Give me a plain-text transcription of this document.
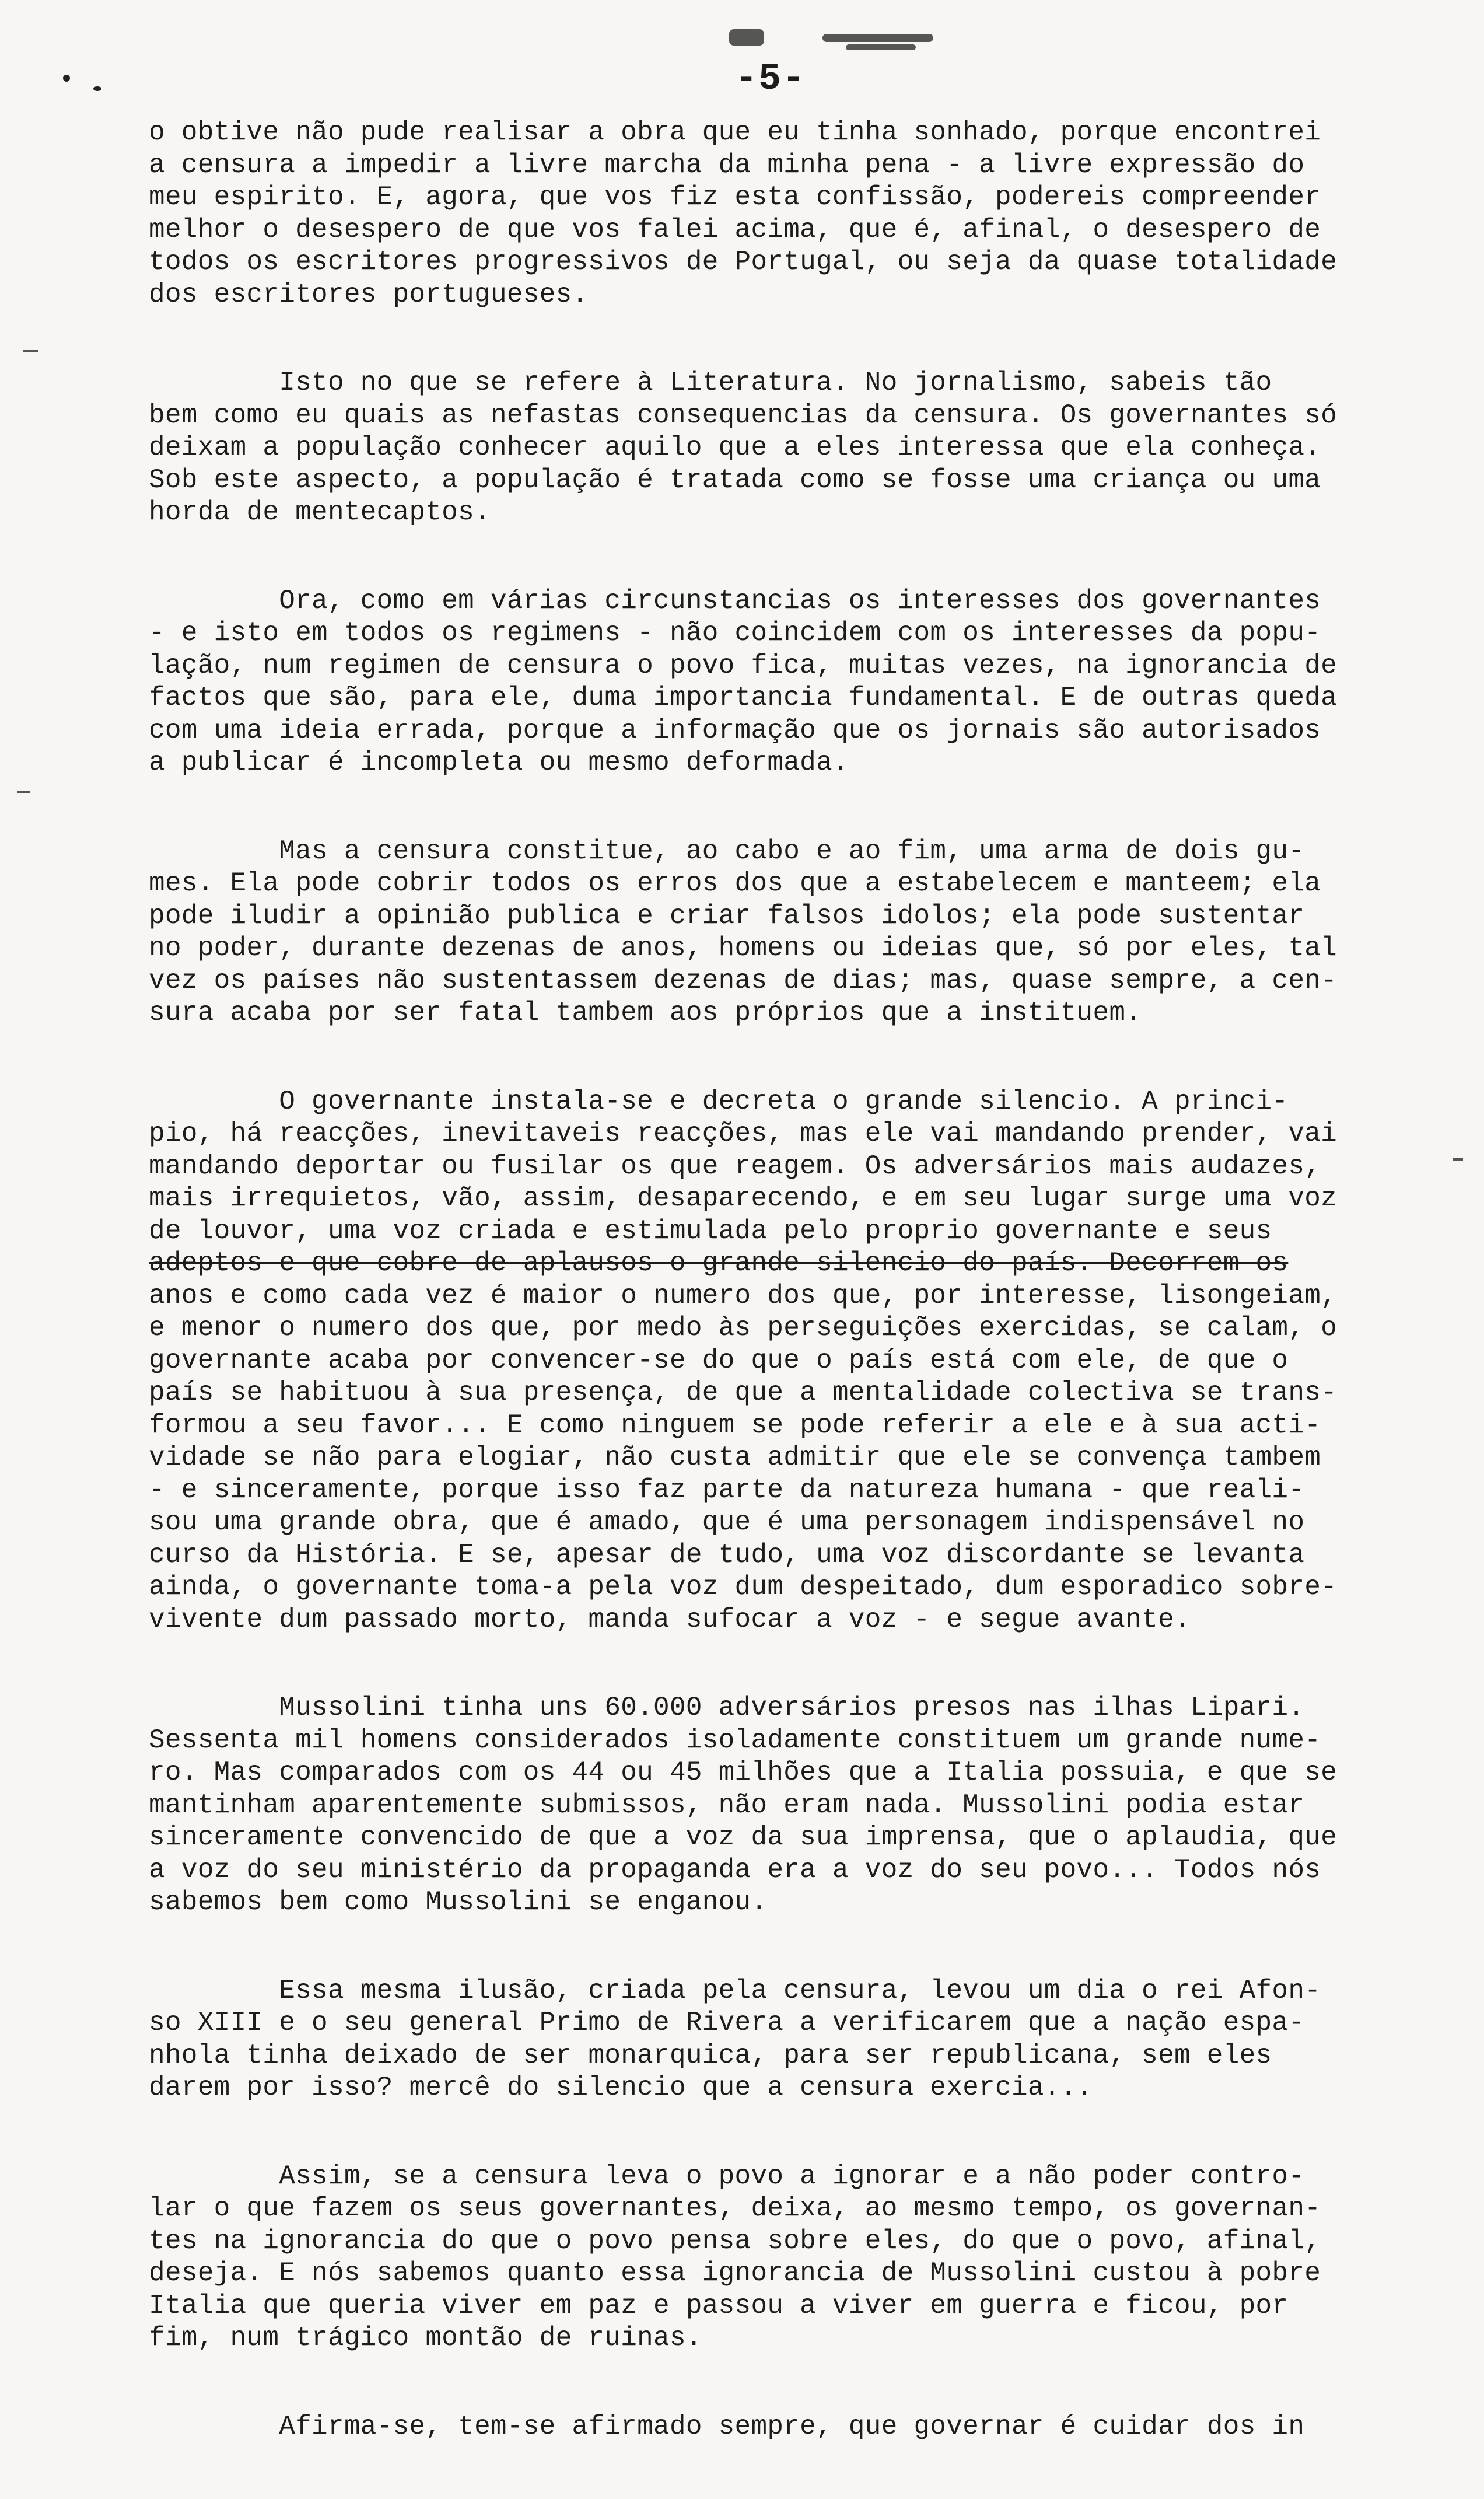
-5-
o obtive não pude realisar a obra que eu tinha sonhado, porque encontrei
a censura a impedir a livre marcha da minha pena - a livre expressão do
meu espirito. E, agora, que vos fiz esta confissão, podereis compreender
melhor o desespero de que vos falei acima, que é, afinal, o desespero de
todos os escritores progressivos de Portugal, ou seja da quase totalidade
dos escritores portugueses.
Isto no que se refere à Literatura. No jornalismo, sabeis tão
bem como eu quais as nefastas consequencias da censura. Os governantes só
deixam a população conhecer aquilo que a eles interessa que ela conheça.
Sob este aspecto, a população é tratada como se fosse uma criança ou uma
horda de mentecaptos.
Ora, como em várias circunstancias os interesses dos governantes
- e isto em todos os regimens - não coincidem com os interesses da popu-
lação, num regimen de censura o povo fica, muitas vezes, na ignorancia de
factos que são, para ele, duma importancia fundamental. E de outras queda
com uma ideia errada, porque a informação que os jornais são autorisados
a publicar é incompleta ou mesmo deformada.
Mas a censura constitue, ao cabo e ao fim, uma arma de dois gu-
mes. Ela pode cobrir todos os erros dos que a estabelecem e manteem; ela
pode iludir a opinião publica e criar falsos idolos; ela pode sustentar
no poder, durante dezenas de anos, homens ou ideias que, só por eles, tal
vez os países não sustentassem dezenas de dias; mas, quase sempre, a cen-
sura acaba por ser fatal tambem aos próprios que a instituem.
O governante instala-se e decreta o grande silencio. A princi-
pio, há reacções, inevitaveis reacções, mas ele vai mandando prender, vai
mandando deportar ou fusilar os que reagem. Os adversários mais audazes,
mais irrequietos, vão, assim, desaparecendo, e em seu lugar surge uma voz
de louvor, uma voz criada e estimulada pelo proprio governante e seus
adeptos e que cobre de aplausos o grande silencio do país. Decorrem os
anos e como cada vez é maior o numero dos que, por interesse, lisongeiam,
e menor o numero dos que, por medo às perseguições exercidas, se calam, o
governante acaba por convencer-se do que o país está com ele, de que o
país se habituou à sua presença, de que a mentalidade colectiva se trans-
formou a seu favor... E como ninguem se pode referir a ele e à sua acti-
vidade se não para elogiar, não custa admitir que ele se convença tambem
- e sinceramente, porque isso faz parte da natureza humana - que reali-
sou uma grande obra, que é amado, que é uma personagem indispensável no
curso da História. E se, apesar de tudo, uma voz discordante se levanta
ainda, o governante toma-a pela voz dum despeitado, dum esporadico sobre-
vivente dum passado morto, manda sufocar a voz - e segue avante.
Mussolini tinha uns 60.000 adversários presos nas ilhas Lipari.
Sessenta mil homens considerados isoladamente constituem um grande nume-
ro. Mas comparados com os 44 ou 45 milhões que a Italia possuia, e que se
mantinham aparentemente submissos, não eram nada. Mussolini podia estar
sinceramente convencido de que a voz da sua imprensa, que o aplaudia, que
a voz do seu ministério da propaganda era a voz do seu povo... Todos nós
sabemos bem como Mussolini se enganou.
Essa mesma ilusão, criada pela censura, levou um dia o rei Afon-
so XIII e o seu general Primo de Rivera a verificarem que a nação espa-
nhola tinha deixado de ser monarquica, para ser republicana, sem eles
darem por isso? mercê do silencio que a censura exercia...
Assim, se a censura leva o povo a ignorar e a não poder contro-
lar o que fazem os seus governantes, deixa, ao mesmo tempo, os governan-
tes na ignorancia do que o povo pensa sobre eles, do que o povo, afinal,
deseja. E nós sabemos quanto essa ignorancia de Mussolini custou à pobre
Italia que queria viver em paz e passou a viver em guerra e ficou, por
fim, num trágico montão de ruinas.
Afirma-se, tem-se afirmado sempre, que governar é cuidar dos in
